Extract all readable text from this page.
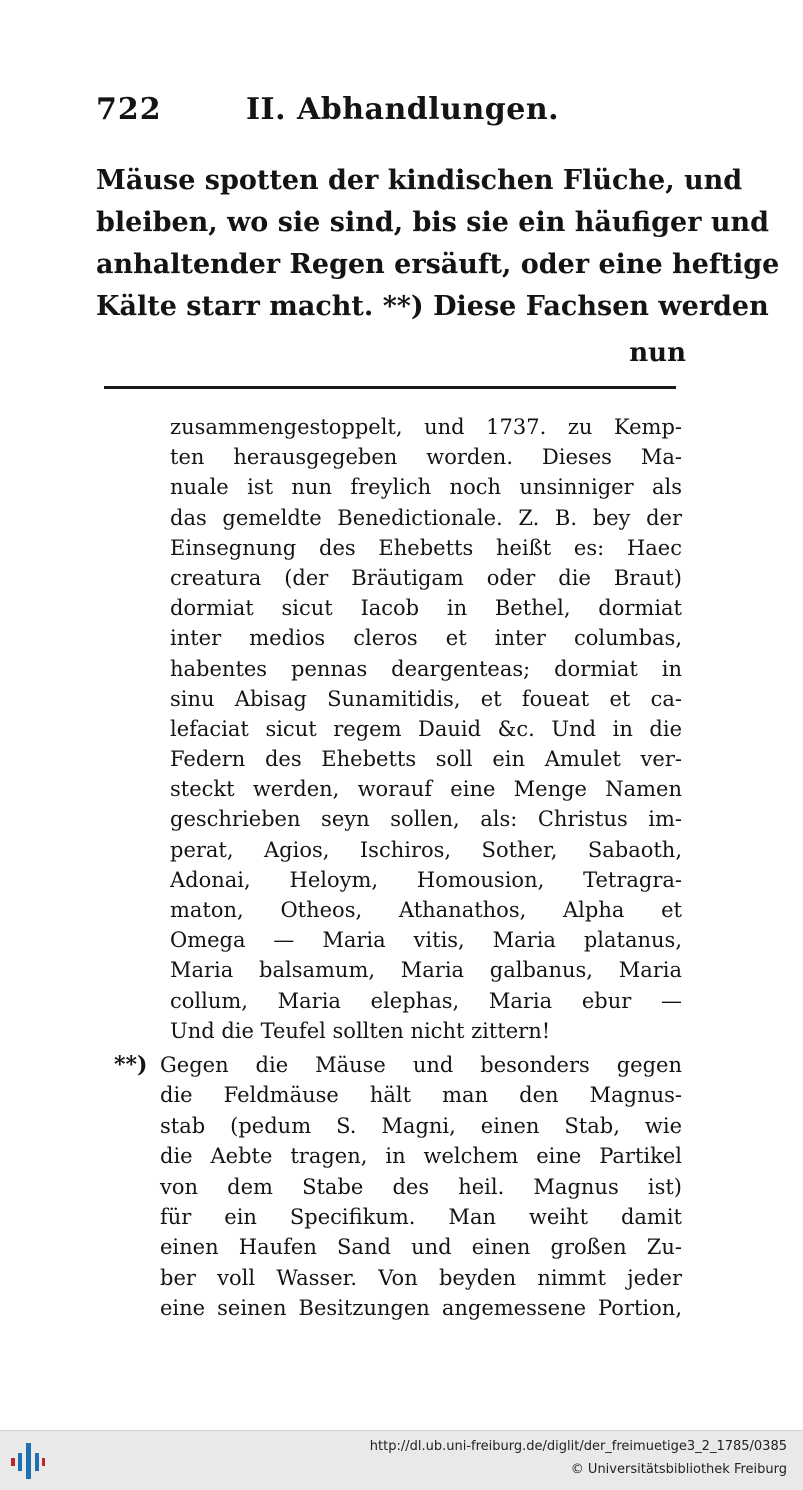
722	II. Abhandlungen.
Mäuse spotten der kindischen Flüche, und
bleiben, wo sie sind, bis sie ein häufiger und
anhaltender Regen ersäuft, oder eine heftige
Kälte starr macht. **) Diese Fachsen werden
nun
zusammengestoppelt, und 1737. zu Kemp-
ten herausgegeben worden. Dieses Ma-
nuale ist nun freylich noch unsinniger als
das gemeldte Benedictionale. Z. B. bey der
Einsegnung des Ehebetts heißt es: Haec
creatura (der Bräutigam oder die Braut)
dormiat sicut Iacob in Bethel, dormiat
inter medios cleros et inter columbas,
habentes pennas deargenteas; dormiat in
sinu Abisag Sunamitidis, et foueat et ca-
lefaciat sicut regem Dauid &c. Und in die
Federn des Ehebetts soll ein Amulet ver-
steckt werden, worauf eine Menge Namen
geschrieben seyn sollen, als: Christus im-
perat, Agios, Ischiros, Sother, Sabaoth,
Adonai, Heloym, Homousion, Tetragra-
maton, Otheos, Athanathos, Alpha et
Omega — Maria vitis, Maria platanus,
Maria balsamum, Maria galbanus, Maria
collum, Maria elephas, Maria ebur —
Und die Teufel sollten nicht zittern!
**) Gegen die Mäuse und besonders gegen
die Feldmäuse hält man den Magnus-
stab (pedum S. Magni, einen Stab, wie
die Aebte tragen, in welchem eine Partikel
von dem Stabe des heil. Magnus ist)
für ein Specifikum. Man weiht damit
einen Haufen Sand und einen großen Zu-
ber voll Wasser. Von beyden nimmt jeder
eine seinen Besitzungen angemessene Portion,
http://dl.ub.uni-freiburg.de/diglit/der_freimuetige3_2_1785/0385
© Universitätsbibliothek Freiburg
